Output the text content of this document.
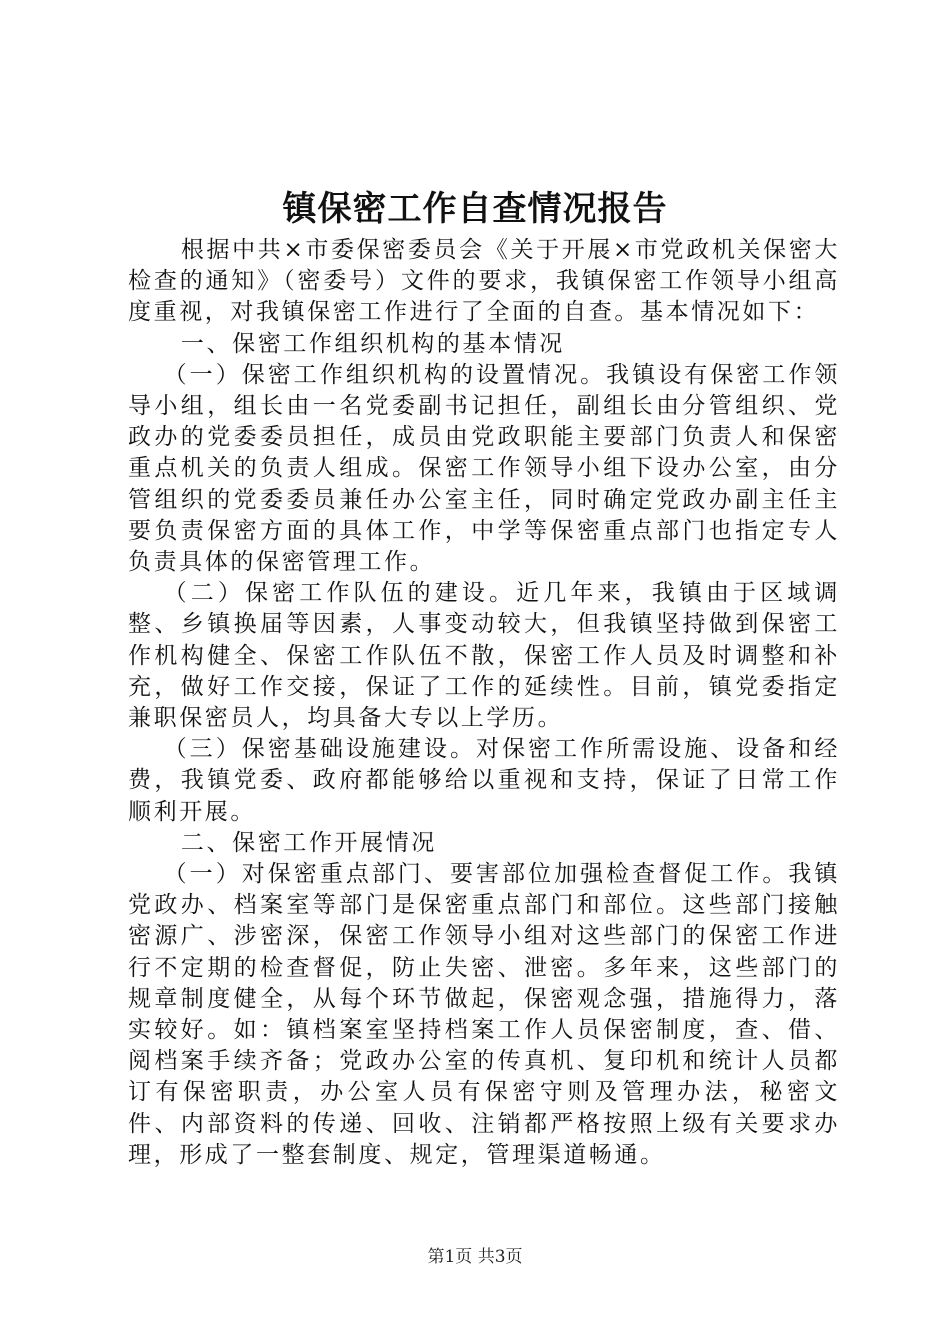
镇保密工作自查情况报告

根据中共×市委保密委员会《关于开展×市党政机关保密大检查的通知》（密委号）文件的要求，我镇保密工作领导小组高度重视，对我镇保密工作进行了全面的自查。基本情况如下：

一、保密工作组织机构的基本情况

（一）保密工作组织机构的设置情况。我镇设有保密工作领导小组，组长由一名党委副书记担任，副组长由分管组织、党政办的党委委员担任，成员由党政职能主要部门负责人和保密重点机关的负责人组成。保密工作领导小组下设办公室，由分管组织的党委委员兼任办公室主任，同时确定党政办副主任主要负责保密方面的具体工作，中学等保密重点部门也指定专人负责具体的保密管理工作。

（二）保密工作队伍的建设。近几年来，我镇由于区域调整、乡镇换届等因素，人事变动较大，但我镇坚持做到保密工作机构健全、保密工作队伍不散，保密工作人员及时调整和补充，做好工作交接，保证了工作的延续性。目前，镇党委指定兼职保密员人，均具备大专以上学历。

（三）保密基础设施建设。对保密工作所需设施、设备和经费，我镇党委、政府都能够给以重视和支持，保证了日常工作顺利开展。

二、保密工作开展情况

（一）对保密重点部门、要害部位加强检查督促工作。我镇党政办、档案室等部门是保密重点部门和部位。这些部门接触密源广、涉密深，保密工作领导小组对这些部门的保密工作进行不定期的检查督促，防止失密、泄密。多年来，这些部门的规章制度健全，从每个环节做起，保密观念强，措施得力，落实较好。如：镇档案室坚持档案工作人员保密制度，查、借、阅档案手续齐备；党政办公室的传真机、复印机和统计人员都订有保密职责，办公室人员有保密守则及管理办法，秘密文件、内部资料的传递、回收、注销都严格按照上级有关要求办理，形成了一整套制度、规定，管理渠道畅通。

第1页 共3页
